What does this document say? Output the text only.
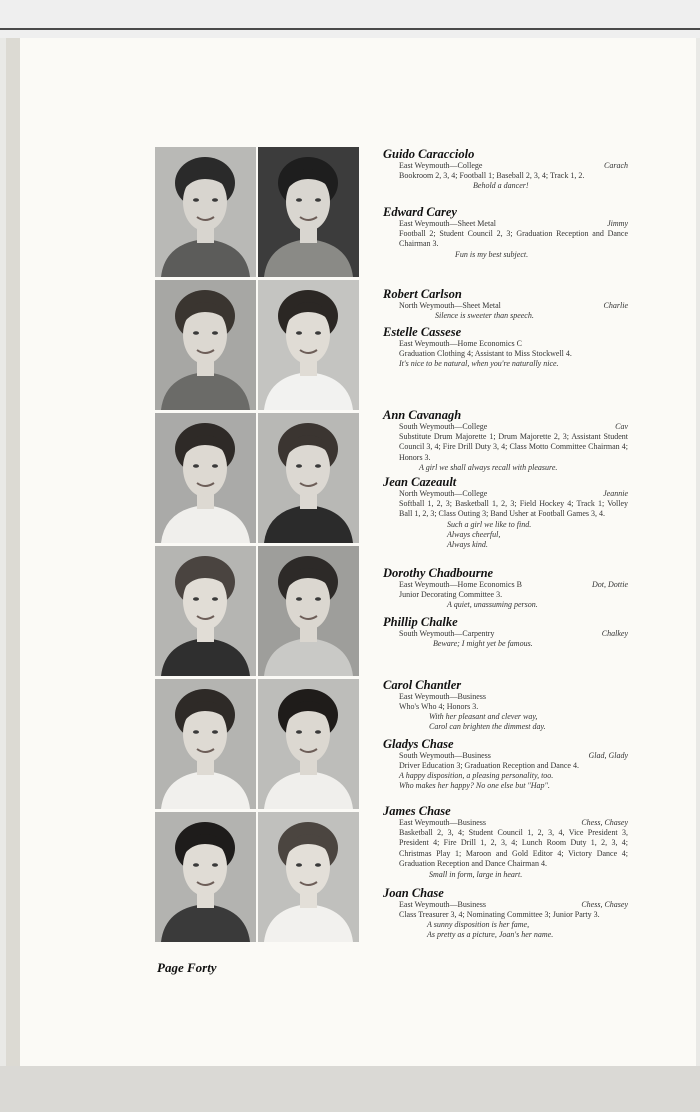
Guido Caracciolo
East Weymouth—College	Carach
Bookroom 2, 3, 4; Football 1; Baseball 2, 3, 4; Track 1, 2.
Behold a dancer!
Edward Carey
East Weymouth—Sheet Metal	Jimmy
Football 2; Student Council 2, 3; Graduation Reception and Dance Chairman 3.
Fun is my best subject.
Robert Carlson
North Weymouth—Sheet Metal	Charlie
Silence is sweeter than speech.
Estelle Cassese
East Weymouth—Home Economics C
Graduation Clothing 4; Assistant to Miss Stockwell 4.
It's nice to be natural, when you're naturally nice.
Ann Cavanagh
South Weymouth—College	Cav
Substitute Drum Majorette 1; Drum Majorette 2, 3; Assistant Student Council 3, 4; Fire Drill Duty 3, 4; Class Motto Committee Chairman 4; Honors 3.
A girl we shall always recall with pleasure.
Jean Cazeault
North Weymouth—College	Jeannie
Softball 1, 2, 3; Basketball 1, 2, 3; Field Hockey 4; Track 1; Volley Ball 1, 2, 3; Class Outing 3; Band Usher at Football Games 3, 4.
Such a girl we like to find.
Always cheerful,
Always kind.
Dorothy Chadbourne
East Weymouth—Home Economics B	Dot, Dottie
Junior Decorating Committee 3.
A quiet, unassuming person.
Phillip Chalke
South Weymouth—Carpentry	Chalkey
Beware; I might yet be famous.
Carol Chantler
East Weymouth—Business
Who's Who 4; Honors 3.
With her pleasant and clever way,
Carol can brighten the dimmest day.
Gladys Chase
South Weymouth—Business	Glad, Glady
Driver Education 3; Graduation Reception and Dance 4.
A happy disposition, a pleasing personality, too.
Who makes her happy? No one else but "Hap".
James Chase
East Weymouth—Business	Chess, Chasey
Basketball 2, 3, 4; Student Council 1, 2, 3, 4, Vice President 3, President 4; Fire Drill 1, 2, 3, 4; Lunch Room Duty 1, 2, 3, 4; Christmas Play 1; Maroon and Gold Editor 4; Victory Dance 4; Graduation Reception and Dance Chairman 4.
Small in form, large in heart.
Joan Chase
East Weymouth—Business	Chess, Chasey
Class Treasurer 3, 4; Nominating Committee 3; Junior Party 3.
A sunny disposition is her fame,
As pretty as a picture, Joan's her name.
Page Forty
